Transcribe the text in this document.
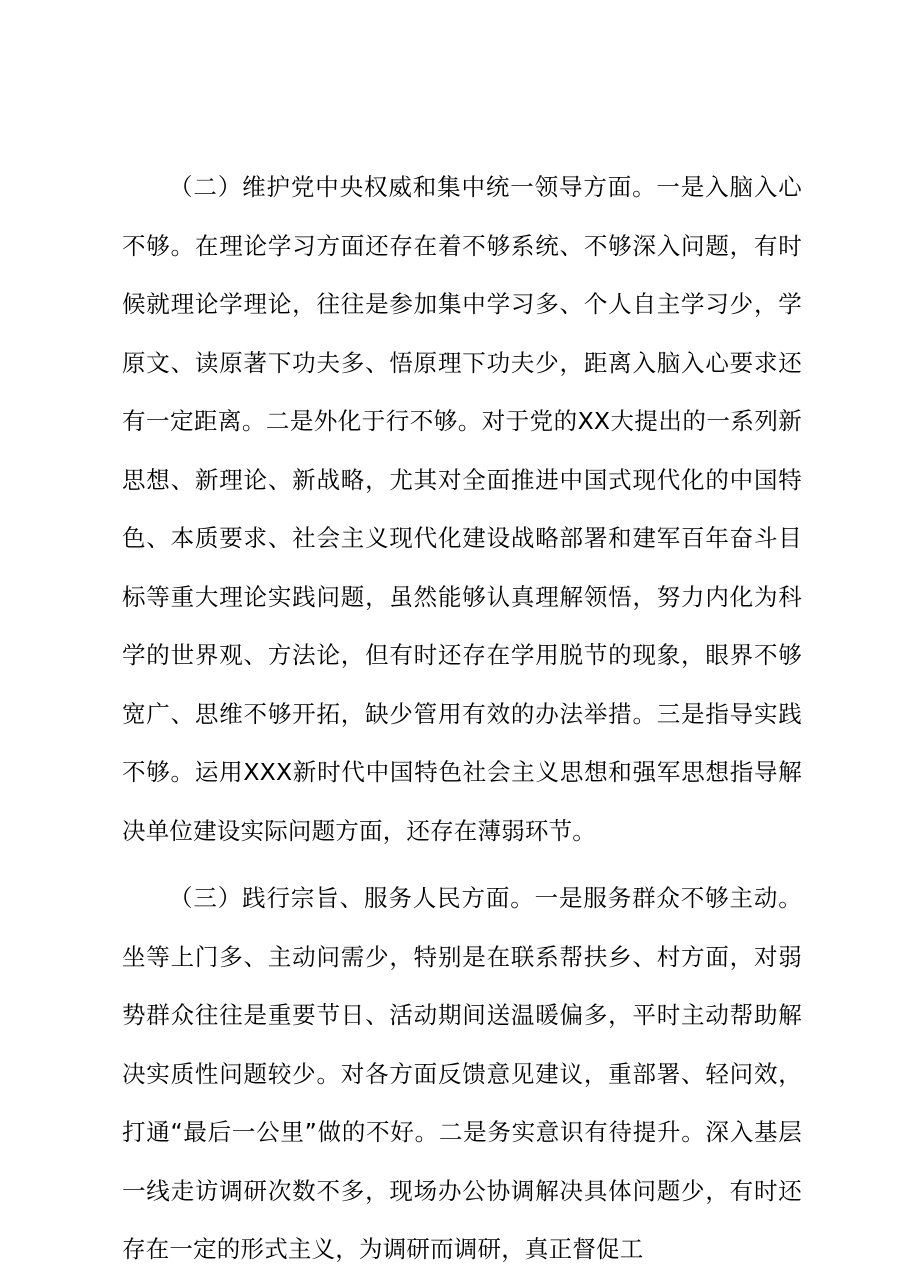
（二）维护党中央权威和集中统一领导方面。一是入脑入心不够。在理论学习方面还存在着不够系统、不够深入问题，有时候就理论学理论，往往是参加集中学习多、个人自主学习少，学原文、读原著下功夫多、悟原理下功夫少，距离入脑入心要求还有一定距离。二是外化于行不够。对于党的XX大提出的一系列新思想、新理论、新战略，尤其对全面推进中国式现代化的中国特色、本质要求、社会主义现代化建设战略部署和建军百年奋斗目标等重大理论实践问题，虽然能够认真理解领悟，努力内化为科学的世界观、方法论，但有时还存在学用脱节的现象，眼界不够宽广、思维不够开拓，缺少管用有效的办法举措。三是指导实践不够。运用XXX新时代中国特色社会主义思想和强军思想指导解决单位建设实际问题方面，还存在薄弱环节。

（三）践行宗旨、服务人民方面。一是服务群众不够主动。坐等上门多、主动问需少，特别是在联系帮扶乡、村方面，对弱势群众往往是重要节日、活动期间送温暖偏多，平时主动帮助解决实质性问题较少。对各方面反馈意见建议，重部署、轻问效，打通“最后一公里”做的不好。二是务实意识有待提升。深入基层一线走访调研次数不多，现场办公协调解决具体问题少，有时还存在一定的形式主义，为调研而调研，真正督促工
